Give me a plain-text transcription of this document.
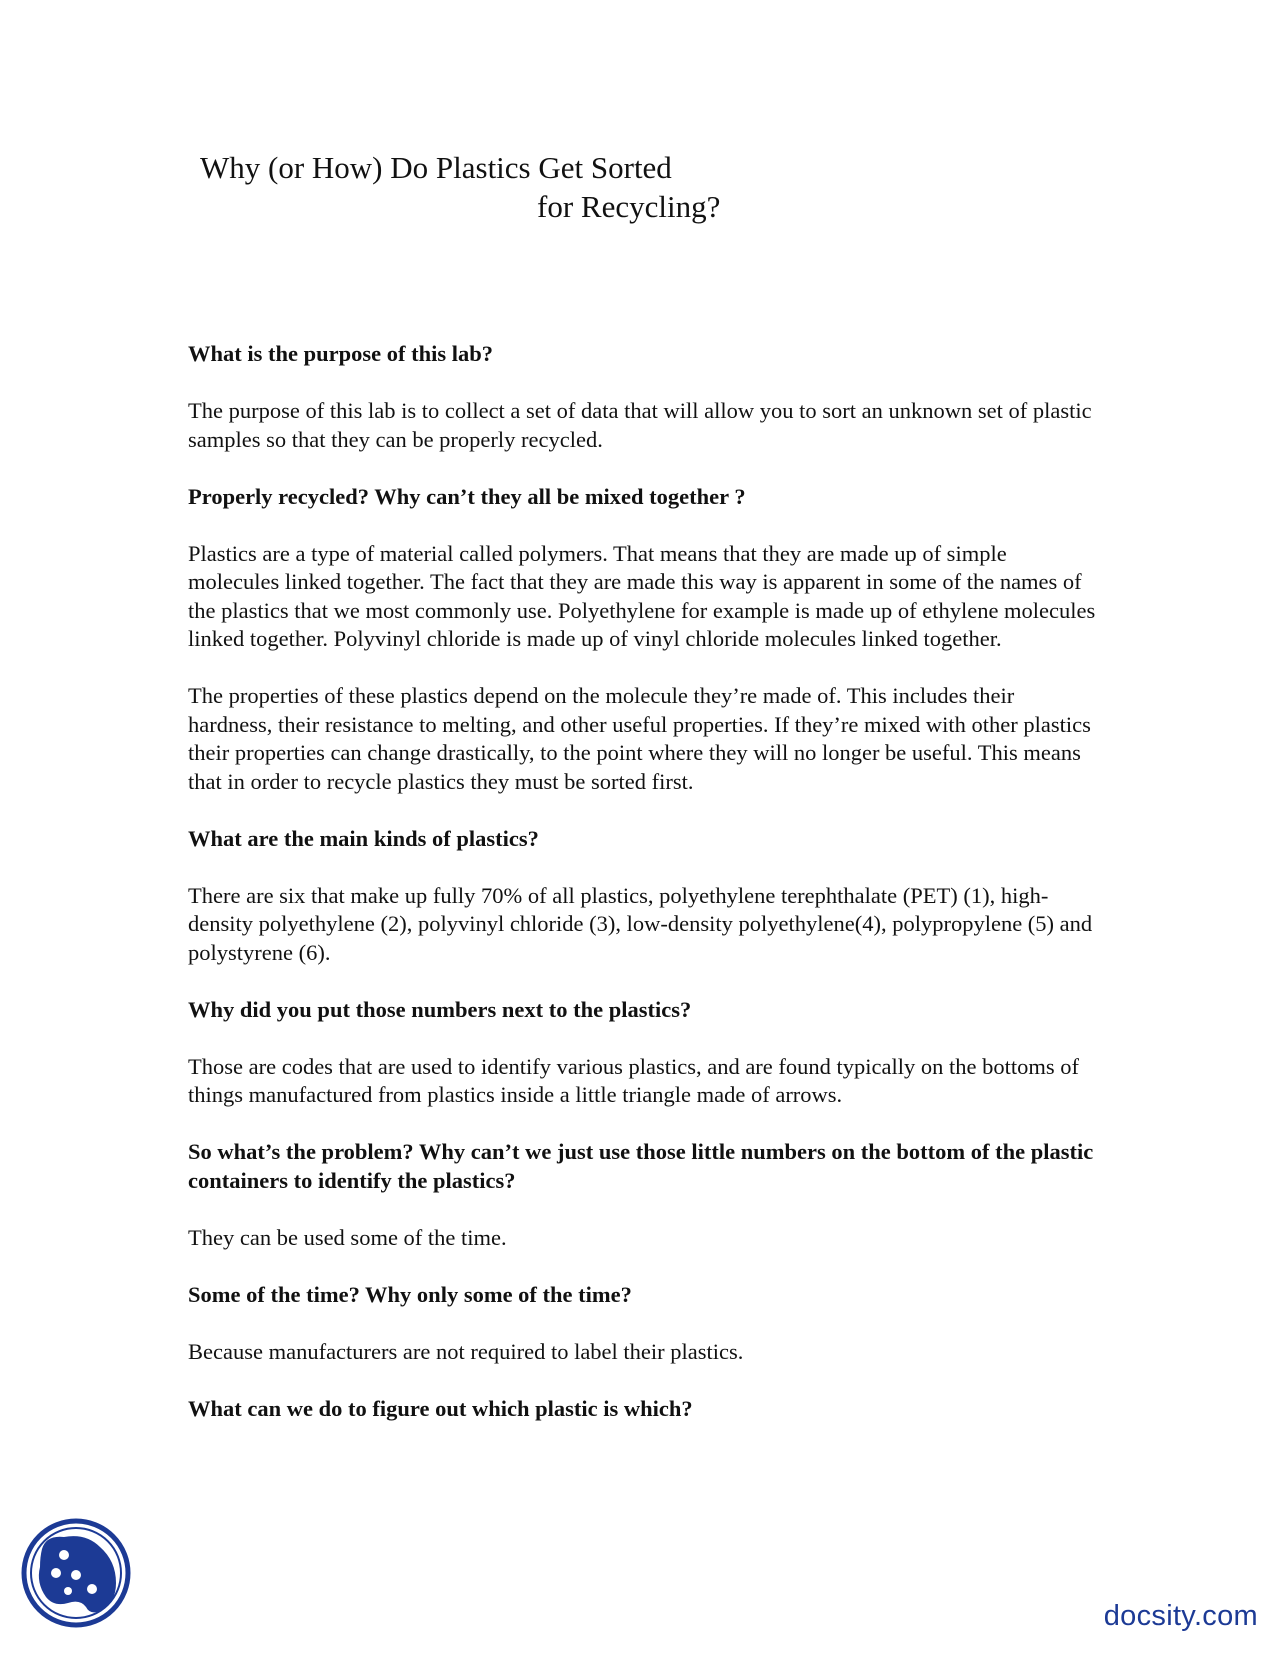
Why (or How) Do Plastics Get Sorted
for Recycling?
What is the purpose of this lab?
The purpose of this lab is to collect a set of data that will allow you to sort an unknown set of plastic samples so that they can be properly recycled.
Properly recycled? Why can’t they all be mixed together ?
Plastics are a type of material called polymers. That means that they are made up of simple molecules linked together. The fact that they are made this way is apparent in some of the names of the plastics that we most commonly use. Polyethylene for example is made up of ethylene molecules linked together. Polyvinyl chloride is made up of vinyl chloride molecules linked together.
The properties of these plastics depend on the molecule they’re made of. This includes their hardness, their resistance to melting, and other useful properties. If they’re mixed with other plastics their properties can change drastically, to the point where they will no longer be useful. This means that in order to recycle plastics they must be sorted first.
What are the main kinds of plastics?
There are six that make up fully 70% of all plastics, polyethylene terephthalate (PET) (1), high-density polyethylene (2), polyvinyl chloride (3), low-density polyethylene(4), polypropylene (5) and polystyrene (6).
Why did you put those numbers next to the plastics?
Those are codes that are used to identify various plastics, and are found typically on the bottoms of things manufactured from plastics inside a little triangle made of arrows.
So what’s the problem? Why can’t we just use those little numbers on the bottom of the plastic containers to identify the plastics?
They can be used some of the time.
Some of the time? Why only some of the time?
Because manufacturers are not required to label their plastics.
What can we do to figure out which plastic is which?
docsity.com
